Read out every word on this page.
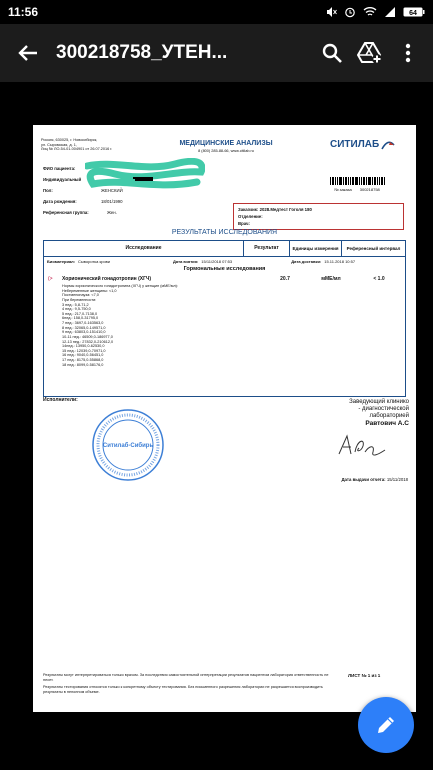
11:56	64
300218758_УТЕН...
Россия, 630025, г. Новосибирск,
ул. Сыромская, д. 1,
Лиц № ЛО-54-01-004901 от 26.07.2016 г.
МЕДИЦИНСКИЕ АНАЛИЗЫ
8 (800) 285-88-66, www.citilab.ru
СИТИЛАБ
ФИО пациента:
Индивидуальный
Пол:	ЖЕНСКИЙ
Дата рождения:	18/01/1990
Референсная группа:	Жен.
№ заказа 300218758
Заказчик:
2028.Медтест Гоголя 180
Отделение:
Врач:
РЕЗУЛЬТАТЫ ИССЛЕДОВАНИЯ
Исследование	Результат	Единицы измерения	Референсный интервал
Биоматериал: Сыворотка крови	Дата взятия: 15/11/2018 07:53	Дата доставки: 15.11.2018 10:57
Гормональные исследования
(>	Хорионический гонадотропин (ХГЧ)	20.7	мМЕ/мл	< 1.0
Нормы хорионического гонадотропина (ХГЧ) у женщин (мМЕ/мл):
Небеременные женщины: <1,0
Постменопауза: <7,0
При беременности:
3 нед.: 5,8-71,2
4 нед.: 9,5-750,0
5 нед.: 217,0-7138,0
6нед.: 158,0-31795,0
7 нед.: 3697,0-163563,0
8 нед.: 32065,0-149571,0
9 нед.: 63803,0-151410,0
10-11 нед.: 46509,0-186977,0
12-13 нед.: 27832,0-210612,0
14нед.: 13950,0-62530,0
15 нед.: 12039,0-70971,0
16 нед.: 9040,0-56451,0
17 нед.: 8175,0-55868,0
18 нед.: 8099,0-58176,0
Исполнители:
Ситилаб-Сибирь
Заведующий клинико
- диагностической
лабораторией
Равтович А.С
Дата выдачи отчета: 15/11/2018

Результаты могут интерпретироваться только врачом. За последствия самостоятельной интерпретации результатов пациентом лаборатория ответственность не несет.

Результаты тестирования относятся только к конкретному объекту тестирования. Без письменного разрешения лаборатории не разрешается воспроизводить результаты в неполном объеме.

ЛИСТ № 1 из 1
